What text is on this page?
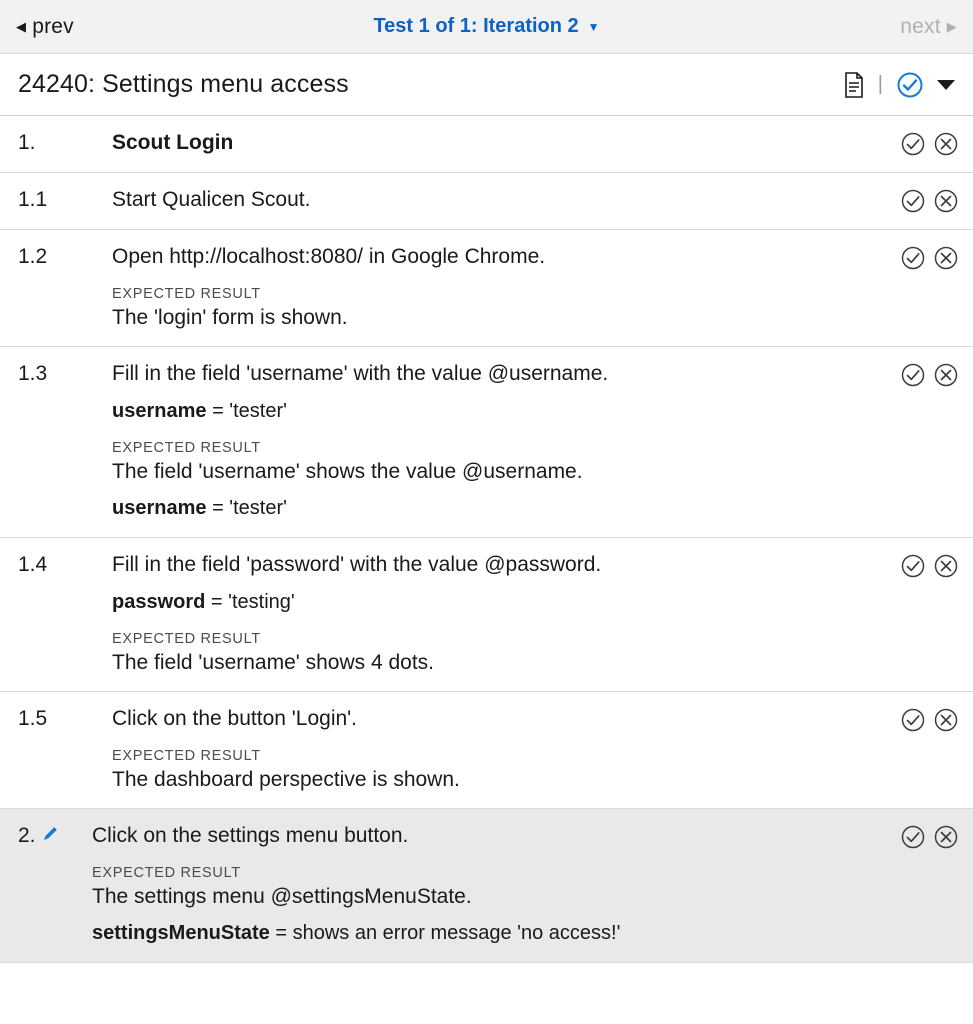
◀ prev	Test 1 of 1: Iteration 2 ▼	next ▶
24240: Settings menu access	|
1.	Scout Login
1.1	Start Qualicen Scout.
1.2	Open http://localhost:8080/ in Google Chrome.
EXPECTED RESULT
The 'login' form is shown.
1.3	Fill in the field 'username' with the value @username.
username = 'tester'
EXPECTED RESULT
The field 'username' shows the value @username.
username = 'tester'
1.4	Fill in the field 'password' with the value @password.
password = 'testing'
EXPECTED RESULT
The field 'username' shows 4 dots.
1.5	Click on the button 'Login'.
EXPECTED RESULT
The dashboard perspective is shown.
2.	Click on the settings menu button.
EXPECTED RESULT
The settings menu @settingsMenuState.
settingsMenuState = shows an error message 'no access!'
